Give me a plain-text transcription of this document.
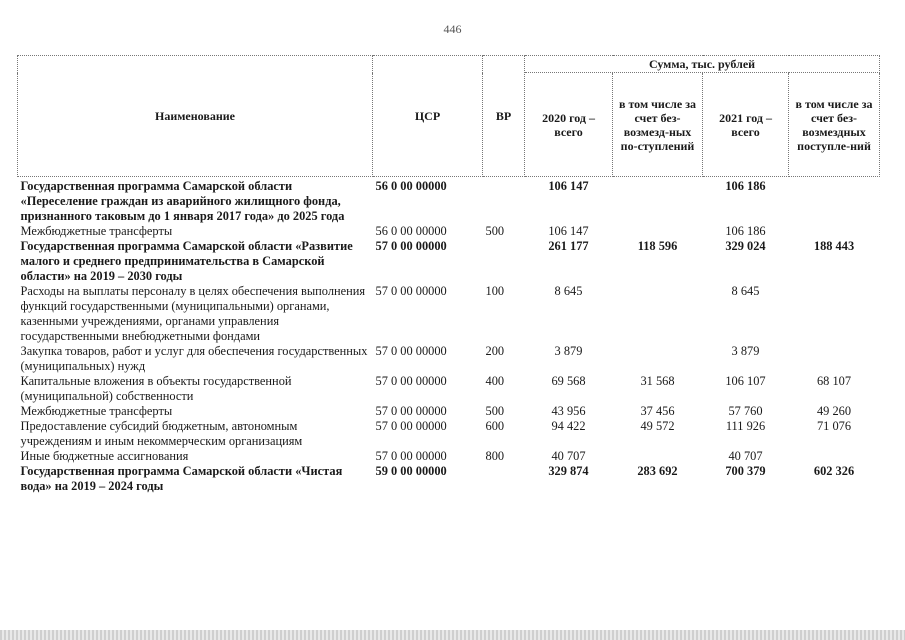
446
Наименование	ЦСР	ВР	Сумма, тыс. рублей			
			2020 год – всего	в том числе за счет без-возмезд-ных по-ступлений	2021 год – всего	в том числе за счет без-возмездных поступле-ний
Государственная программа Самарской области «Переселение граждан из аварийного жилищного фонда, признанного таковым до 1 января 2017 года» до 2025 года	56 0 00 00000		106 147		106 186	
Межбюджетные трансферты	56 0 00 00000	500	106 147		106 186	
Государственная программа Самарской области «Развитие малого и среднего предпринимательства в Самарской области» на 2019 – 2030 годы	57 0 00 00000		261 177	118 596	329 024	188 443
Расходы на выплаты персоналу в целях обеспечения выполнения функций государственными (муниципальными) органами, казенными учреждениями, органами управления государственными внебюджетными фондами	57 0 00 00000	100	8 645		8 645	
Закупка товаров, работ и услуг для обеспечения государственных (муниципальных) нужд	57 0 00 00000	200	3 879		3 879	
Капитальные вложения в объекты государственной (муниципальной) собственности	57 0 00 00000	400	69 568	31 568	106 107	68 107
Межбюджетные трансферты	57 0 00 00000	500	43 956	37 456	57 760	49 260
Предоставление субсидий бюджетным, автономным учреждениям и иным некоммерческим организациям	57 0 00 00000	600	94 422	49 572	111 926	71 076
Иные бюджетные ассигнования	57 0 00 00000	800	40 707		40 707	
Государственная программа Самарской области «Чистая вода» на 2019 – 2024 годы	59 0 00 00000		329 874	283 692	700 379	602 326
